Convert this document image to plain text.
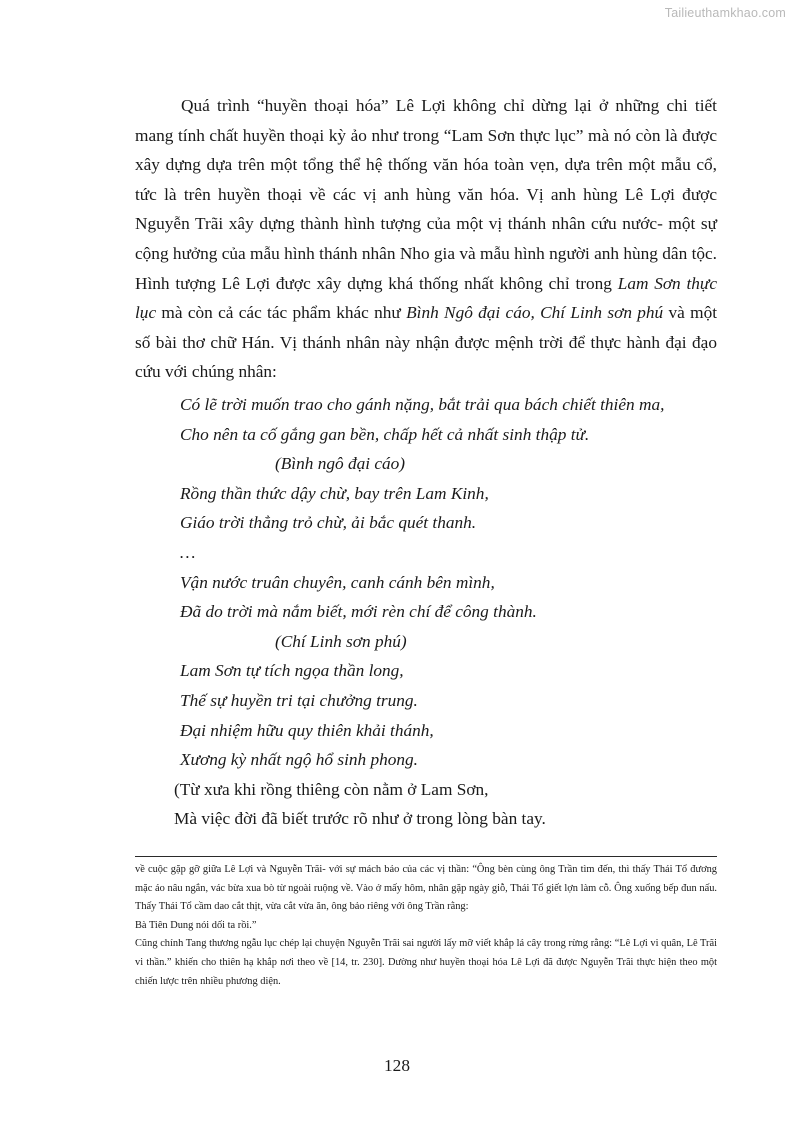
Tailieuthamkhao.com

Quá trình “huyền thoại hóa” Lê Lợi không chỉ dừng lại ở những chi tiết mang tính chất huyền thoại kỳ ảo như trong “Lam Sơn thực lục” mà nó còn là được xây dựng dựa trên một tổng thể hệ thống văn hóa toàn vẹn, dựa trên một mẫu cổ, tức là trên huyền thoại về các vị anh hùng văn hóa. Vị anh hùng Lê Lợi được Nguyễn Trãi xây dựng thành hình tượng của một vị thánh nhân cứu nước- một sự cộng hưởng của mẫu hình thánh nhân Nho gia và mẫu hình người anh hùng dân tộc. Hình tượng Lê Lợi được xây dựng khá thống nhất không chỉ trong Lam Sơn thực lục mà còn cả các tác phẩm khác như Bình Ngô đại cáo, Chí Linh sơn phú và một số bài thơ chữ Hán. Vị thánh nhân này nhận được mệnh trời để thực hành đại đạo cứu với chúng nhân:

Có lẽ trời muốn trao cho gánh nặng, bắt trải qua bách chiết thiên ma,
Cho nên ta cố gắng gan bền, chấp hết cả nhất sinh thập tử.
(Bình ngô đại cáo)
Rồng thần thức dậy chừ, bay trên Lam Kinh,
Giáo trời thẳng trỏ chừ, ải bắc quét thanh.
…
Vận nước truân chuyên, canh cánh bên mình,
Đã do trời mà nắm biết, mới rèn chí để công thành.
(Chí Linh sơn phú)
Lam Sơn tự tích ngọa thần long,
Thế sự huyền tri tại chưởng trung.
Đại nhiệm hữu quy thiên khải thánh,
Xương kỳ nhất ngộ hổ sinh phong.
(Từ xưa khi rồng thiêng còn nằm ở Lam Sơn,
Mà việc đời đã biết trước rõ như ở trong lòng bàn tay.

về cuộc gặp gỡ giữa Lê Lợi và Nguyễn Trãi- với sự mách bảo của các vị thần: “Ông bèn cùng ông Trần tìm đến, thì thấy Thái Tổ đương mặc áo nâu ngắn, vác bừa xua bò từ ngoài ruộng về. Vào ở mấy hôm, nhân gặp ngày giỗ, Thái Tổ giết lợn làm cỗ. Ông xuống bếp đun nấu. Thấy Thái Tổ cầm dao cắt thịt, vừa cắt vừa ăn, ông bảo riêng với ông Trần rằng:

Bà Tiên Dung nói dối ta rồi.”

Cũng chính Tang thương ngẫu lục chép lại chuyện Nguyễn Trãi sai người lấy mỡ viết khắp lá cây trong rừng rằng: “Lê Lợi vi quân, Lê Trãi vi thần.” khiến cho thiên hạ khắp nơi theo về [14, tr. 230]. Dường như huyền thoại hóa Lê Lợi đã được Nguyễn Trãi thực hiện theo một chiến lược trên nhiều phương diện.

128
